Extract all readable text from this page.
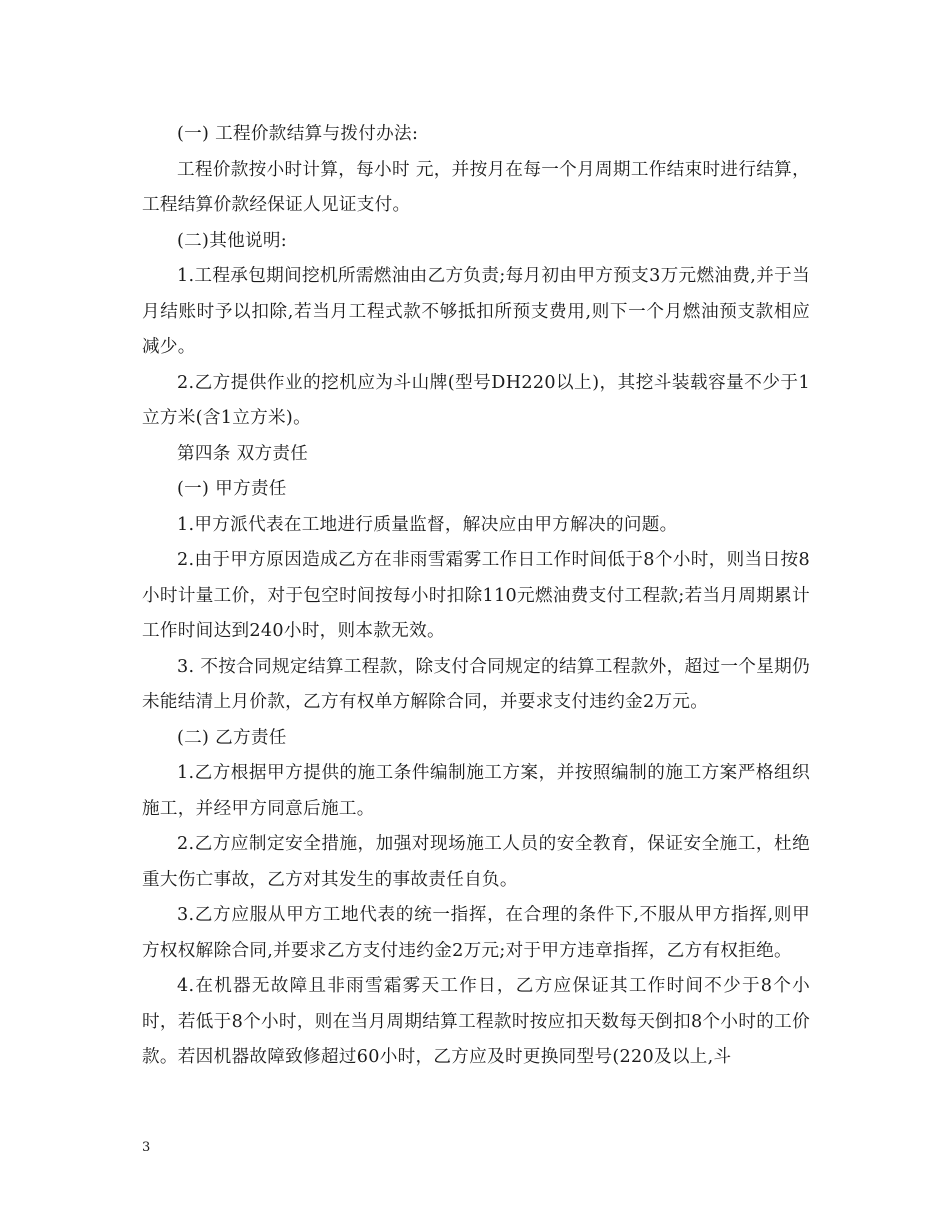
(一) 工程价款结算与拨付办法:

工程价款按小时计算，每小时 元，并按月在每一个月周期工作结束时进行结算，工程结算价款经保证人见证支付。

(二)其他说明:

1.工程承包期间挖机所需燃油由乙方负责;每月初由甲方预支3万元燃油费,并于当月结账时予以扣除,若当月工程式款不够抵扣所预支费用,则下一个月燃油预支款相应减少。

2.乙方提供作业的挖机应为斗山牌(型号DH220以上)，其挖斗装载容量不少于1立方米(含1立方米)。

第四条 双方责任

(一) 甲方责任

1.甲方派代表在工地进行质量监督，解决应由甲方解决的问题。

2.由于甲方原因造成乙方在非雨雪霜雾工作日工作时间低于8个小时，则当日按8小时计量工价，对于包空时间按每小时扣除110元燃油费支付工程款;若当月周期累计工作时间达到240小时，则本款无效。

3. 不按合同规定结算工程款，除支付合同规定的结算工程款外，超过一个星期仍未能结清上月价款，乙方有权单方解除合同，并要求支付违约金2万元。

(二) 乙方责任

1.乙方根据甲方提供的施工条件编制施工方案，并按照编制的施工方案严格组织施工，并经甲方同意后施工。

2.乙方应制定安全措施，加强对现场施工人员的安全教育，保证安全施工，杜绝重大伤亡事故，乙方对其发生的事故责任自负。

3.乙方应服从甲方工地代表的统一指挥，在合理的条件下,不服从甲方指挥,则甲方权权解除合同,并要求乙方支付违约金2万元;对于甲方违章指挥，乙方有权拒绝。

4.在机器无故障且非雨雪霜雾天工作日，乙方应保证其工作时间不少于8个小时，若低于8个小时，则在当月周期结算工程款时按应扣天数每天倒扣8个小时的工价款。若因机器故障致修超过60小时，乙方应及时更换同型号(220及以上,斗

3
